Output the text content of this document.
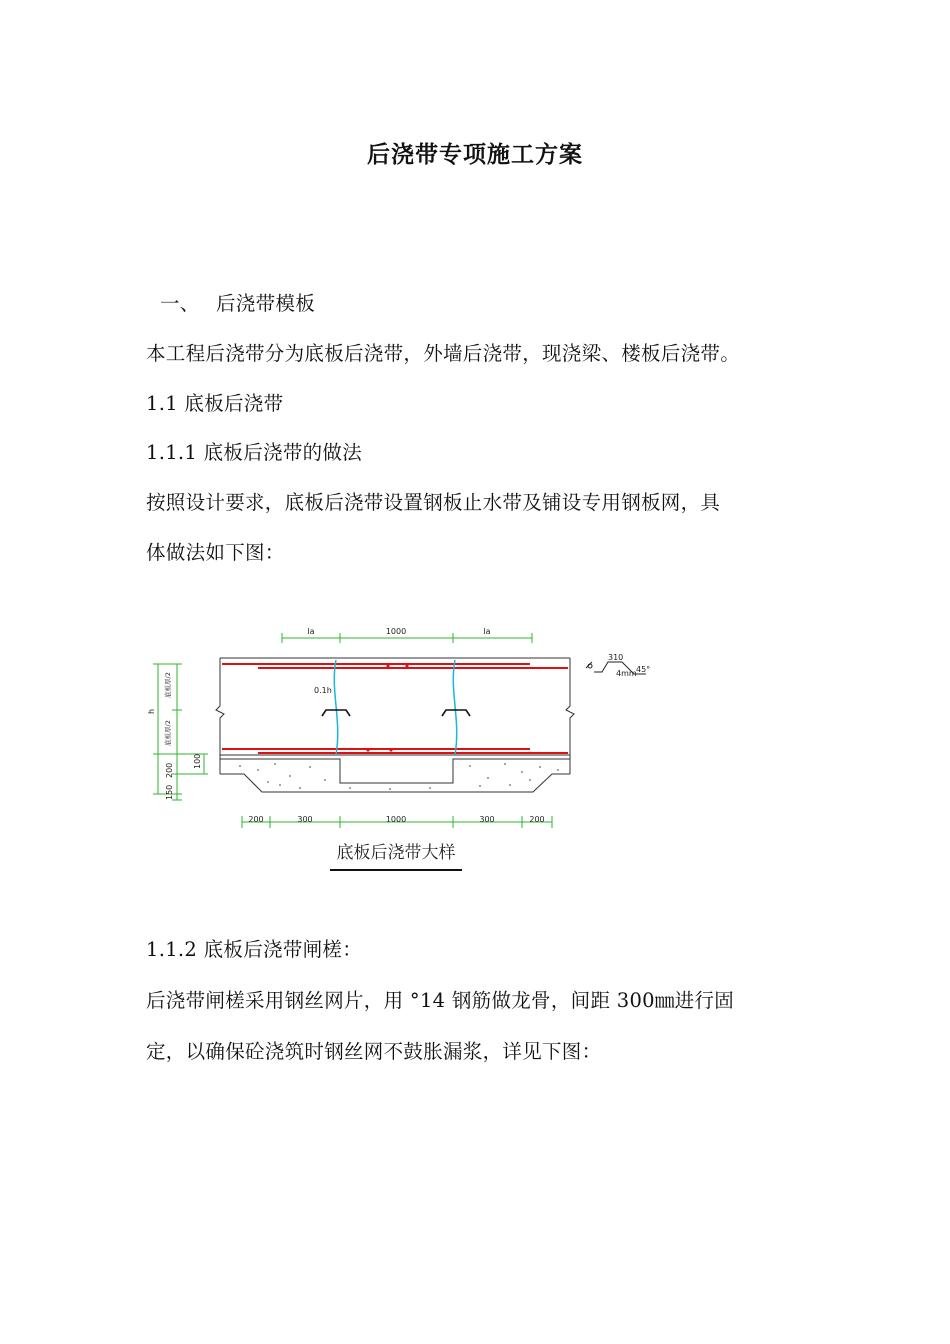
后浇带专项施工方案
一、 后浇带模板
本工程后浇带分为底板后浇带，外墙后浇带，现浇梁、楼板后浇带。
1.1 底板后浇带
1.1.1 底板后浇带的做法
按照设计要求，底板后浇带设置钢板止水带及铺设专用钢板网，具
体做法如下图：
la	1000	la
0.1h
底板厚/2
底板厚/2
h
200
100
150
200	300	1000	300	200
310
45°
4mm
底板后浇带大样
1.1.2 底板后浇带闸槎：
后浇带闸槎采用钢丝网片，用 °14 钢筋做龙骨，间距 300㎜进行固
定，以确保砼浇筑时钢丝网不鼓胀漏浆，详见下图：
